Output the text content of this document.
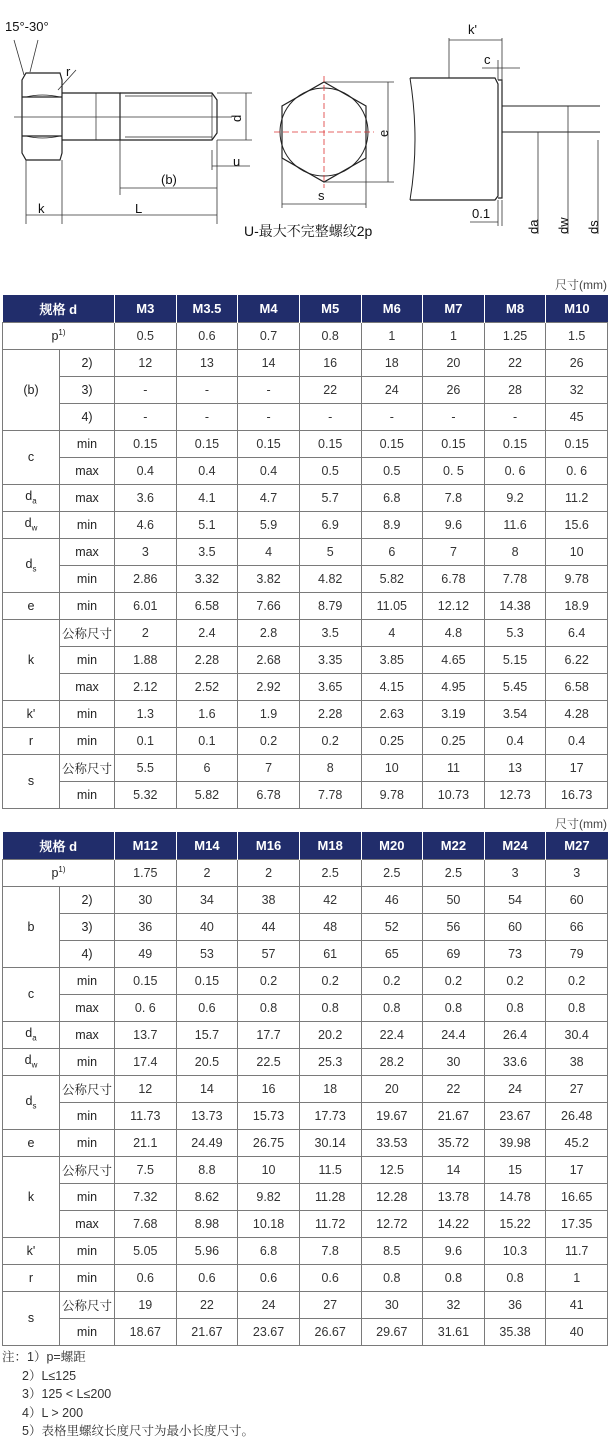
15°-30°
r
d
u
(b)
k	L
s
e
U-最大不完整螺纹2p
k'
c
0.1
da dw ds
尺寸(mm)
尺寸(mm)
规格 d		M3	M3.5	M4	M5	M6	M7	M8	M10
$p^{1)}$		0.5	0.6	0.7	0.8	1	1	1.25	1.5
(b)	2)	12	13	14	16	18	20	22	26
	3)	-	-	-	22	24	26	28	32
	4)	-	-	-	-	-	-	-	45
c	min	0.15	0.15	0.15	0.15	0.15	0.15	0.15	0.15
	max	0.4	0.4	0.4	0.5	0.5	0. 5	0. 6	0. 6
$d_a$	max	3.6	4.1	4.7	5.7	6.8	7.8	9.2	11.2
$d_w$	min	4.6	5.1	5.9	6.9	8.9	9.6	11.6	15.6
$d_s$	max	3	3.5	4	5	6	7	8	10
	min	2.86	3.32	3.82	4.82	5.82	6.78	7.78	9.78
e	min	6.01	6.58	7.66	8.79	11.05	12.12	14.38	18.9
k	公称尺寸	2	2.4	2.8	3.5	4	4.8	5.3	6.4
	min	1.88	2.28	2.68	3.35	3.85	4.65	5.15	6.22
	max	2.12	2.52	2.92	3.65	4.15	4.95	5.45	6.58
k'	min	1.3	1.6	1.9	2.28	2.63	3.19	3.54	4.28
r	min	0.1	0.1	0.2	0.2	0.25	0.25	0.4	0.4
s	公称尺寸	5.5	6	7	8	10	11	13	17
	min	5.32	5.82	6.78	7.78	9.78	10.73	12.73	16.73
规格 d		M12	M14	M16	M18	M20	M22	M24	M27
$p^{1)}$		1.75	2	2	2.5	2.5	2.5	3	3
b	2)	30	34	38	42	46	50	54	60
	3)	36	40	44	48	52	56	60	66
	4)	49	53	57	61	65	69	73	79
c	min	0.15	0.15	0.2	0.2	0.2	0.2	0.2	0.2
	max	0. 6	0.6	0.8	0.8	0.8	0.8	0.8	0.8
$d_a$	max	13.7	15.7	17.7	20.2	22.4	24.4	26.4	30.4
$d_w$	min	17.4	20.5	22.5	25.3	28.2	30	33.6	38
$d_s$	公称尺寸	12	14	16	18	20	22	24	27
	min	11.73	13.73	15.73	17.73	19.67	21.67	23.67	26.48
e	min	21.1	24.49	26.75	30.14	33.53	35.72	39.98	45.2
k	公称尺寸	7.5	8.8	10	11.5	12.5	14	15	17
	min	7.32	8.62	9.82	11.28	12.28	13.78	14.78	16.65
	max	7.68	8.98	10.18	11.72	12.72	14.22	15.22	17.35
k'	min	5.05	5.96	6.8	7.8	8.5	9.6	10.3	11.7
r	min	0.6	0.6	0.6	0.6	0.8	0.8	0.8	1
s	公称尺寸	19	22	24	27	30	32	36	41
	min	18.67	21.67	23.67	26.67	29.67	31.61	35.38	40
注：1）p=螺距
2）L≤125
3）125 < L≤200
4）L > 200
5）表格里螺纹长度尺寸为最小长度尺寸。
